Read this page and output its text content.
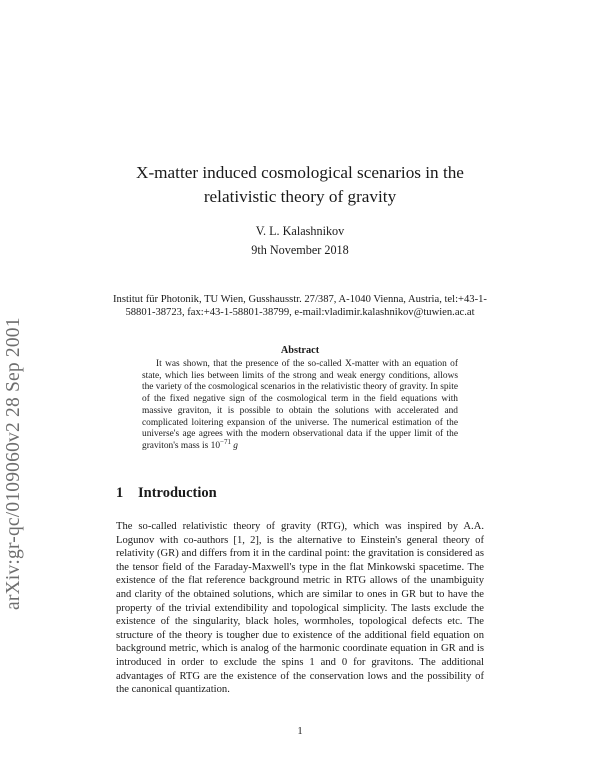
arXiv:gr-qc/0109060v2 28 Sep 2001
X-matter induced cosmological scenarios in the relativistic theory of gravity
V. L. Kalashnikov
9th November 2018
Institut für Photonik, TU Wien, Gusshausstr. 27/387, A-1040 Vienna, Austria, tel:+43-1-58801-38723, fax:+43-1-58801-38799, e-mail:vladimir.kalashnikov@tuwien.ac.at
Abstract
It was shown, that the presence of the so-called X-matter with an equation of state, which lies between limits of the strong and weak energy conditions, allows the variety of the cosmological scenarios in the relativistic theory of gravity. In spite of the fixed negative sign of the cosmological term in the field equations with massive graviton, it is possible to obtain the solutions with accelerated and complicated loitering expansion of the universe. The numerical estimation of the universe's age agrees with the modern observational data if the upper limit of the graviton's mass is $10^{-71}$ g
1 Introduction
The so-called relativistic theory of gravity (RTG), which was inspired by A.A. Logunov with co-authors [1, 2], is the alternative to Einstein's general theory of relativity (GR) and differs from it in the cardinal point: the gravitation is considered as the tensor field of the Faraday-Maxwell's type in the flat Minkowski spacetime. The existence of the flat reference background metric in RTG allows of the unambiguity and clarity of the obtained solutions, which are similar to ones in GR but to have the property of the trivial extendibility and topological simplicity. The lasts exclude the existence of the singularity, black holes, wormholes, topological defects etc. The structure of the theory is tougher due to existence of the additional field equation on background metric, which is analog of the harmonic coordinate equation in GR and is introduced in order to exclude the spins 1 and 0 for gravitons. The additional advantages of RTG are the existence of the conservation lows and the possibility of the canonical quantization.
1
